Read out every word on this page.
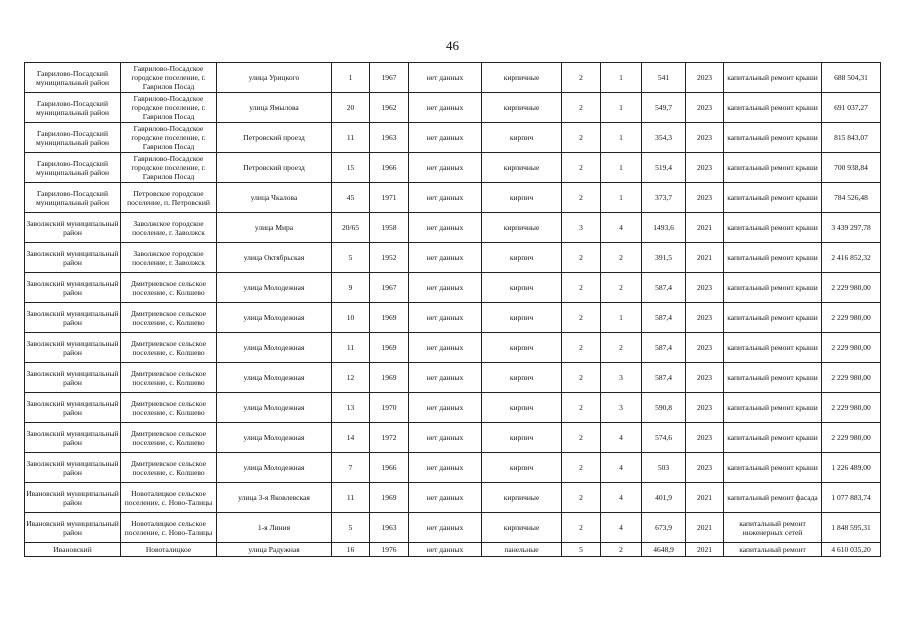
46
Гаврилово-Посадский муниципальный район	Гаврилово-Посадское городское поселение, г. Гаврилов Посад	улица Урицкого	1	1967	нет данных	кирпичные	2	1	541	2023	капитальный ремонт крыши	688 504,31
Гаврилово-Посадский муниципальный район	Гаврилово-Посадское городское поселение, г. Гаврилов Посад	улица Ямылова	20	1962	нет данных	кирпичные	2	1	549,7	2023	капитальный ремонт крыши	691 037,27
Гаврилово-Посадский муниципальный район	Гаврилово-Посадское городское поселение, г. Гаврилов Посад	Петровский проезд	11	1963	нет данных	кирпич	2	1	354,3	2023	капитальный ремонт крыши	815 843,07
Гаврилово-Посадский муниципальный район	Гаврилово-Посадское городское поселение, г. Гаврилов Посад	Петровский проезд	15	1966	нет данных	кирпичные	2	1	519,4	2023	капитальный ремонт крыши	700 938,84
Гаврилово-Посадский муниципальный район	Петровское городское поселение, п. Петровский	улица Чкалова	45	1971	нет данных	кирпич	2	1	373,7	2023	капитальный ремонт крыши	784 526,48
Заволжский муниципальный район	Заволжское городское поселение, г. Заволжск	улица Мира	20/65	1958	нет данных	кирпичные	3	4	1493,6	2021	капитальный ремонт крыши	3 439 297,78
Заволжский муниципальный район	Заволжское городское поселение, г. Заволжск	улица Октябрьская	5	1952	нет данных	кирпич	2	2	391,5	2021	капитальный ремонт крыши	2 416 852,32
Заволжский муниципальный район	Дмитриевское сельское поселение, с. Колшево	улица Молодежная	9	1967	нет данных	кирпич	2	2	587,4	2023	капитальный ремонт крыши	2 229 980,00
Заволжский муниципальный район	Дмитриевское сельское поселение, с. Колшево	улица Молодежная	10	1969	нет данных	кирпич	2	1	587,4	2023	капитальный ремонт крыши	2 229 980,00
Заволжский муниципальный район	Дмитриевское сельское поселение, с. Колшево	улица Молодежная	11	1969	нет данных	кирпич	2	2	587,4	2023	капитальный ремонт крыши	2 229 980,00
Заволжский муниципальный район	Дмитриевское сельское поселение, с. Колшево	улица Молодежная	12	1969	нет данных	кирпич	2	3	587,4	2023	капитальный ремонт крыши	2 229 980,00
Заволжский муниципальный район	Дмитриевское сельское поселение, с. Колшево	улица Молодежная	13	1970	нет данных	кирпич	2	3	590,8	2023	капитальный ремонт крыши	2 229 980,00
Заволжский муниципальный район	Дмитриевское сельское поселение, с. Колшево	улица Молодежная	14	1972	нет данных	кирпич	2	4	574,6	2023	капитальный ремонт крыши	2 229 980,00
Заволжский муниципальный район	Дмитриевское сельское поселение, с. Колшево	улица Молодежная	7	1966	нет данных	кирпич	2	4	503	2023	капитальный ремонт крыши	1 226 489,00
Ивановский муниципальный район	Новоталицкое сельское поселение, с. Ново-Талицы	улица 3-я Яковлевская	11	1969	нет данных	кирпичные	2	4	401,9	2021	капитальный ремонт фасада	1 077 883,74
Ивановский муниципальный район	Новоталицкое сельское поселение, с. Ново-Талицы	1-я Линия	5	1963	нет данных	кирпичные	2	4	673,9	2021	капитальный ремонт инженерных сетей	1 848 595,31
Ивановский	Новоталицкое	улица Радужная	16	1976	нет данных	панельные	5	2	4648,9	2021	капитальный ремонт	4 610 035,20
